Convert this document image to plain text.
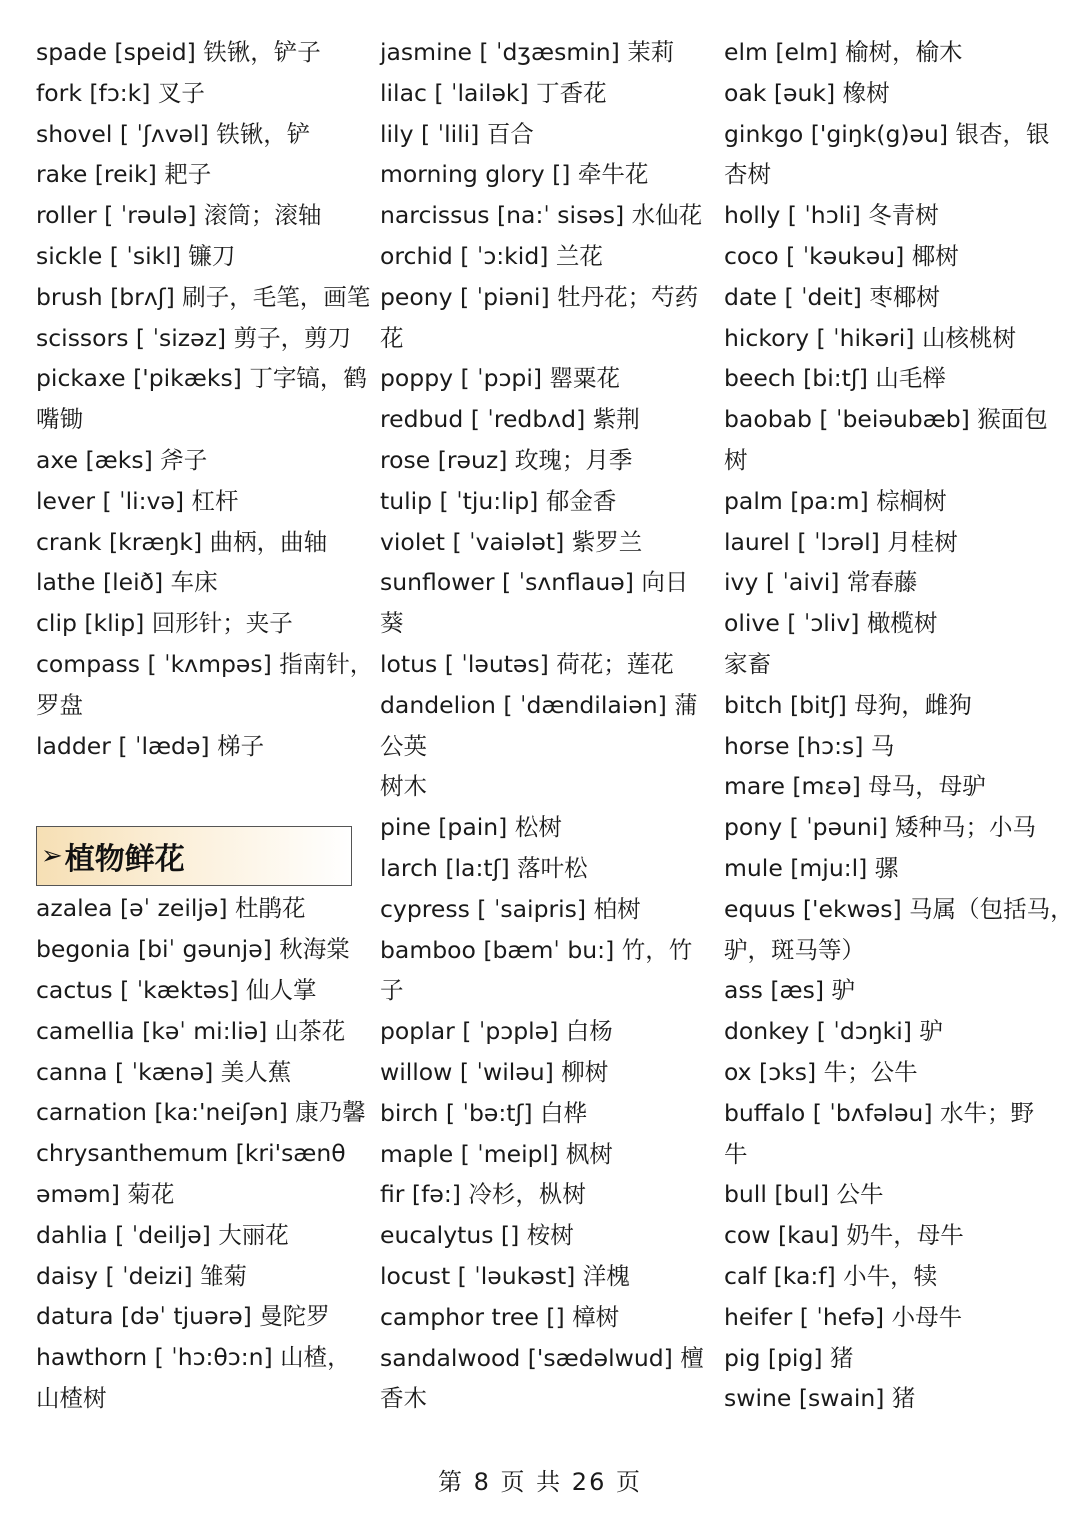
spade [speid] 铁锹，铲子
fork [fɔ:k] 叉子
shovel [ ˈʃʌvəl] 铁锹，铲
rake [reik] 耙子
roller [ ˈrəulə] 滚筒；滚轴
sickle [ ˈsikl] 镰刀
brush [brʌʃ] 刷子，毛笔，画笔
scissors [ ˈsizəz] 剪子，剪刀
pickaxe ['pikæks] 丁字镐，鹤
嘴锄
axe [æks] 斧子
lever [ ˈli:və] 杠杆
crank [kræŋk] 曲柄，曲轴
lathe [leið] 车床
clip [klip] 回形针；夹子
compass [ ˈkʌmpəs] 指南针，
罗盘
ladder [ ˈlædə] 梯子
➢ 植物鲜花
azalea [əˈ zeiljə] 杜鹃花
begonia [biˈ gəunjə] 秋海棠
cactus [ ˈkæktəs] 仙人掌
camellia [kəˈ mi:liə] 山茶花
canna [ ˈkænə] 美人蕉
carnation [ka:'neiʃən] 康乃馨
chrysanthemum [kri'sænθ
əməm] 菊花
dahlia [ ˈdeiljə] 大丽花
daisy [ ˈdeizi] 雏菊
datura [dəˈ tjuərə] 曼陀罗
hawthorn [ ˈhɔ:θɔ:n] 山楂，
山楂树
jasmine [ ˈdʒæsmin] 茉莉
lilac [ ˈlailək] 丁香花
lily [ ˈlili] 百合
morning glory [] 牵牛花
narcissus [na:ˈ sisəs] 水仙花
orchid [ ˈɔ:kid] 兰花
peony [ ˈpiəni] 牡丹花；芍药
花
poppy [ ˈpɔpi] 罂粟花
redbud [ ˈredbʌd] 紫荆
rose [rəuz] 玫瑰；月季
tulip [ ˈtju:lip] 郁金香
violet [ ˈvaiələt] 紫罗兰
sunflower [ ˈsʌnflauə] 向日
葵
lotus [ ˈləutəs] 荷花；莲花
dandelion [ ˈdændilaiən] 蒲
公英
树木
pine [pain] 松树
larch [la:tʃ] 落叶松
cypress [ ˈsaipris] 柏树
bamboo [bæmˈ bu:] 竹，竹
子
poplar [ ˈpɔplə] 白杨
willow [ ˈwiləu] 柳树
birch [ ˈbə:tʃ] 白桦
maple [ ˈmeipl] 枫树
fir [fə:] 冷杉，枞树
eucalytus [] 桉树
locust [ ˈləukəst] 洋槐
camphor tree [] 樟树
sandalwood ['sædəlwud] 檀
香木
elm [elm] 榆树，榆木
oak [əuk] 橡树
ginkgo ['giŋk(g)əu] 银杏，银
杏树
holly [ ˈhɔli] 冬青树
coco [ ˈkəukəu] 椰树
date [ ˈdeit] 枣椰树
hickory [ ˈhikəri] 山核桃树
beech [bi:tʃ] 山毛榉
baobab [ ˈbeiəubæb] 猴面包
树
palm [pa:m] 棕榈树
laurel [ ˈlɔrəl] 月桂树
ivy [ ˈaivi] 常春藤
olive [ ˈɔliv] 橄榄树
家畜
bitch [bitʃ] 母狗，雌狗
horse [hɔ:s] 马
mare [mεə] 母马，母驴
pony [ ˈpəuni] 矮种马；小马
mule [mju:l] 骡
equus ['ekwəs] 马属（包括马，
驴，斑马等）
ass [æs] 驴
donkey [ ˈdɔŋki] 驴
ox [ɔks] 牛；公牛
buffalo [ ˈbʌfələu] 水牛；野
牛
bull [bul] 公牛
cow [kau] 奶牛，母牛
calf [ka:f] 小牛，犊
heifer [ ˈhefə] 小母牛
pig [pig] 猪
swine [swain] 猪
第 8 页 共 26 页
